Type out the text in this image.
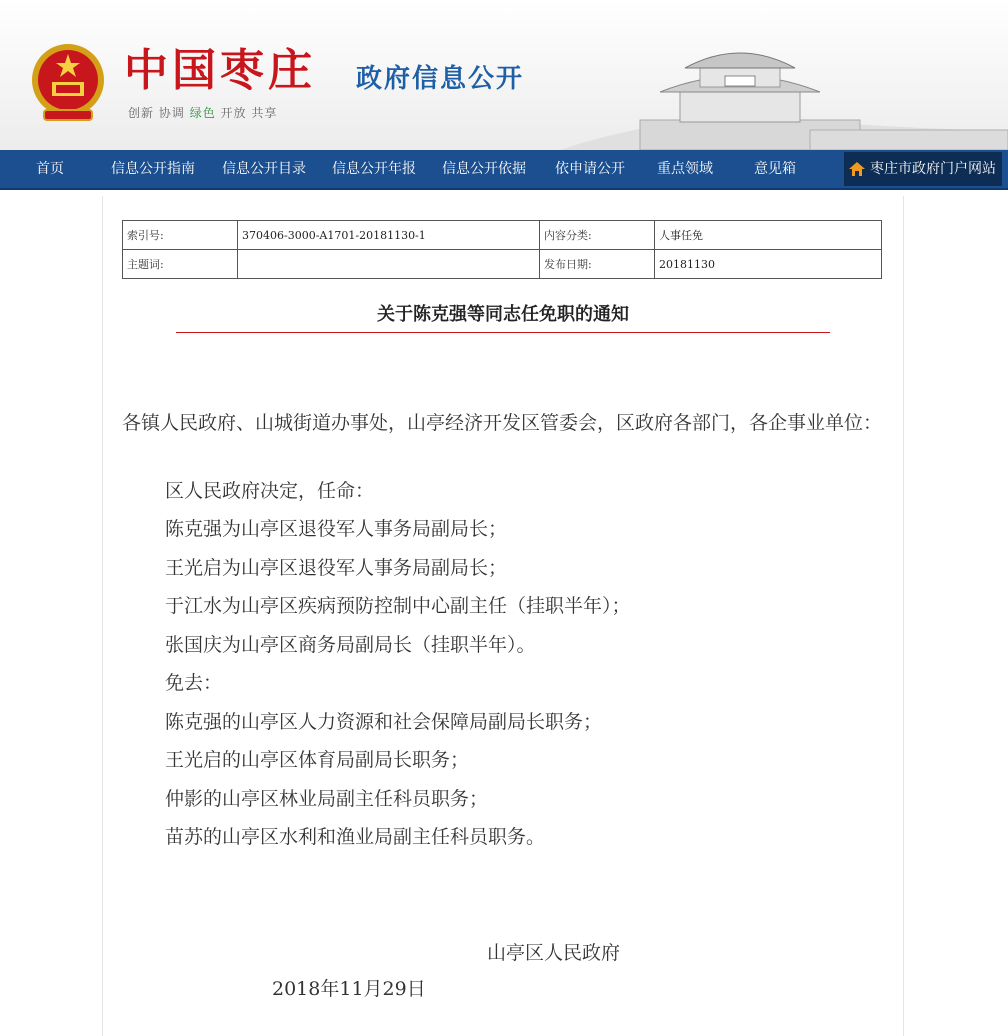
中国枣庄
创新 协调 绿色 开放 共享
政府信息公开
首页	信息公开指南 信息公开目录 信息公开年报 信息公开依据 依申请公开 重点领域	意见箱	枣庄市政府门户网站
索引号:	370406-3000-A1701-20181130-1	内容分类:	人事任免
主题词:		发布日期:	20181130
关于陈克强等同志任免职的通知
各镇人民政府、山城街道办事处，山亭经济开发区管委会，区政府各部门，各企事业单位：
区人民政府决定，任命：
陈克强为山亭区退役军人事务局副局长；
王光启为山亭区退役军人事务局副局长；
于江水为山亭区疾病预防控制中心副主任（挂职半年）；
张国庆为山亭区商务局副局长（挂职半年）。
免去：
陈克强的山亭区人力资源和社会保障局副局长职务；
王光启的山亭区体育局副局长职务；
仲影的山亭区林业局副主任科员职务；
苗苏的山亭区水利和渔业局副主任科员职务。
山亭区人民政府
2018年11月29日
